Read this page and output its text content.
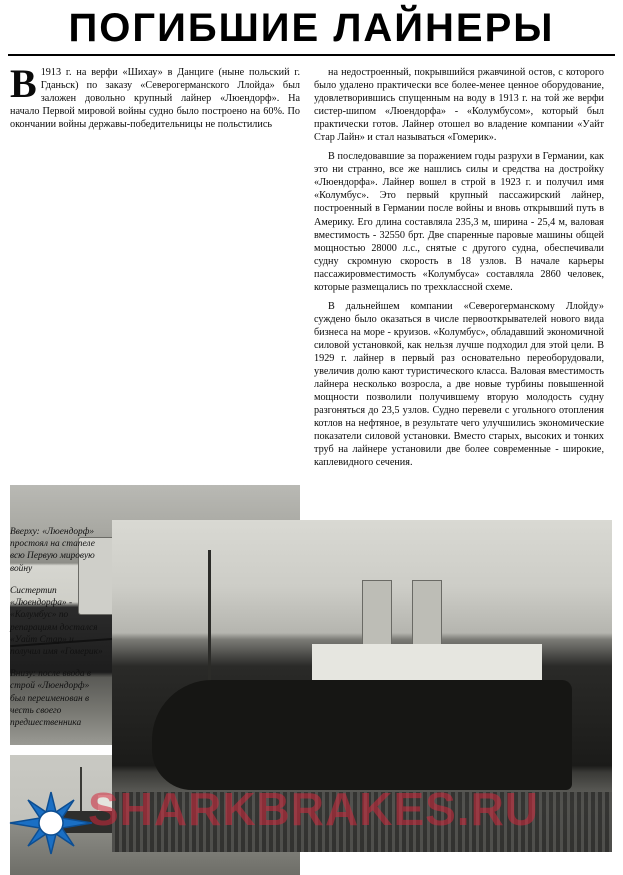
ПОГИБШИЕ ЛАЙНЕРЫ

В1913 г. на верфи «Шихау» в Данциге (ныне польский г. Гданьск) по заказу «Северогерманского Ллойда» был заложен довольно крупный лайнер «Люендорф». На начало Первой мировой войны судно было построено на 60%. По окончании войны державы-победительницы не польстились

на недостроенный, покрывшийся ржавчиной остов, с которого было удалено практически все более-менее ценное оборудование, удовлетворившись спущенным на воду в 1913 г. на той же верфи систер-шипом «Люендорфа» - «Колумбусом», который был практически готов. Лайнер отошел во владение компании «Уайт Стар Лайн» и стал называться «Гомерик».

В последовавшие за поражением годы разрухи в Германии, как это ни странно, все же нашлись силы и средства на достройку «Люендорфа». Лайнер вошел в строй в 1923 г. и получил имя «Колумбус». Это первый крупный пассажирский лайнер, построенный в Германии после войны и вновь открывший путь в Америку. Его длина составляла 235,3 м, ширина - 25,4 м, валовая вместимость - 32550 брт. Две спаренные паровые машины общей мощностью 28000 л.с., снятые с другого судна, обеспечивали судну скромную скорость в 18 узлов. В начале карьеры пассажировместимость «Колумбуса» составляла 2860 человек, которые размещались по трехклассной схеме.

В дальнейшем компании «Северогерманскому Ллойду» суждено было оказаться в числе первооткрывателей нового вида бизнеса на море - круизов. «Колумбус», обладавший экономичной силовой установкой, как нельзя лучше подходил для этой цели. В 1929 г. лайнер в первый раз основательно переоборудовали, увеличив долю кают туристического класса. Валовая вместимость лайнера несколько возросла, а две новые турбины повышенной мощности позволили получившему вторую молодость судну разгоняться до 23,5 узлов. Судно перевели с угольного отопления котлов на нефтяное, в результате чего улучшились экономические показатели силовой установки. Вместо старых, высоких и тонких труб на лайнере установили две более современные - широкие, каплевидного сечения.

Вверху: «Люендорф» простоял на стапеле всю Первую мировую войну

Систертип «Люендорфа» - «Колумбус» по репарациям достался «Уайт Стар» и получил имя «Гомерик»

Внизу: после ввода в строй «Люендорф» был переименован в честь своего предшественника

SHARKBRAKES.RU
